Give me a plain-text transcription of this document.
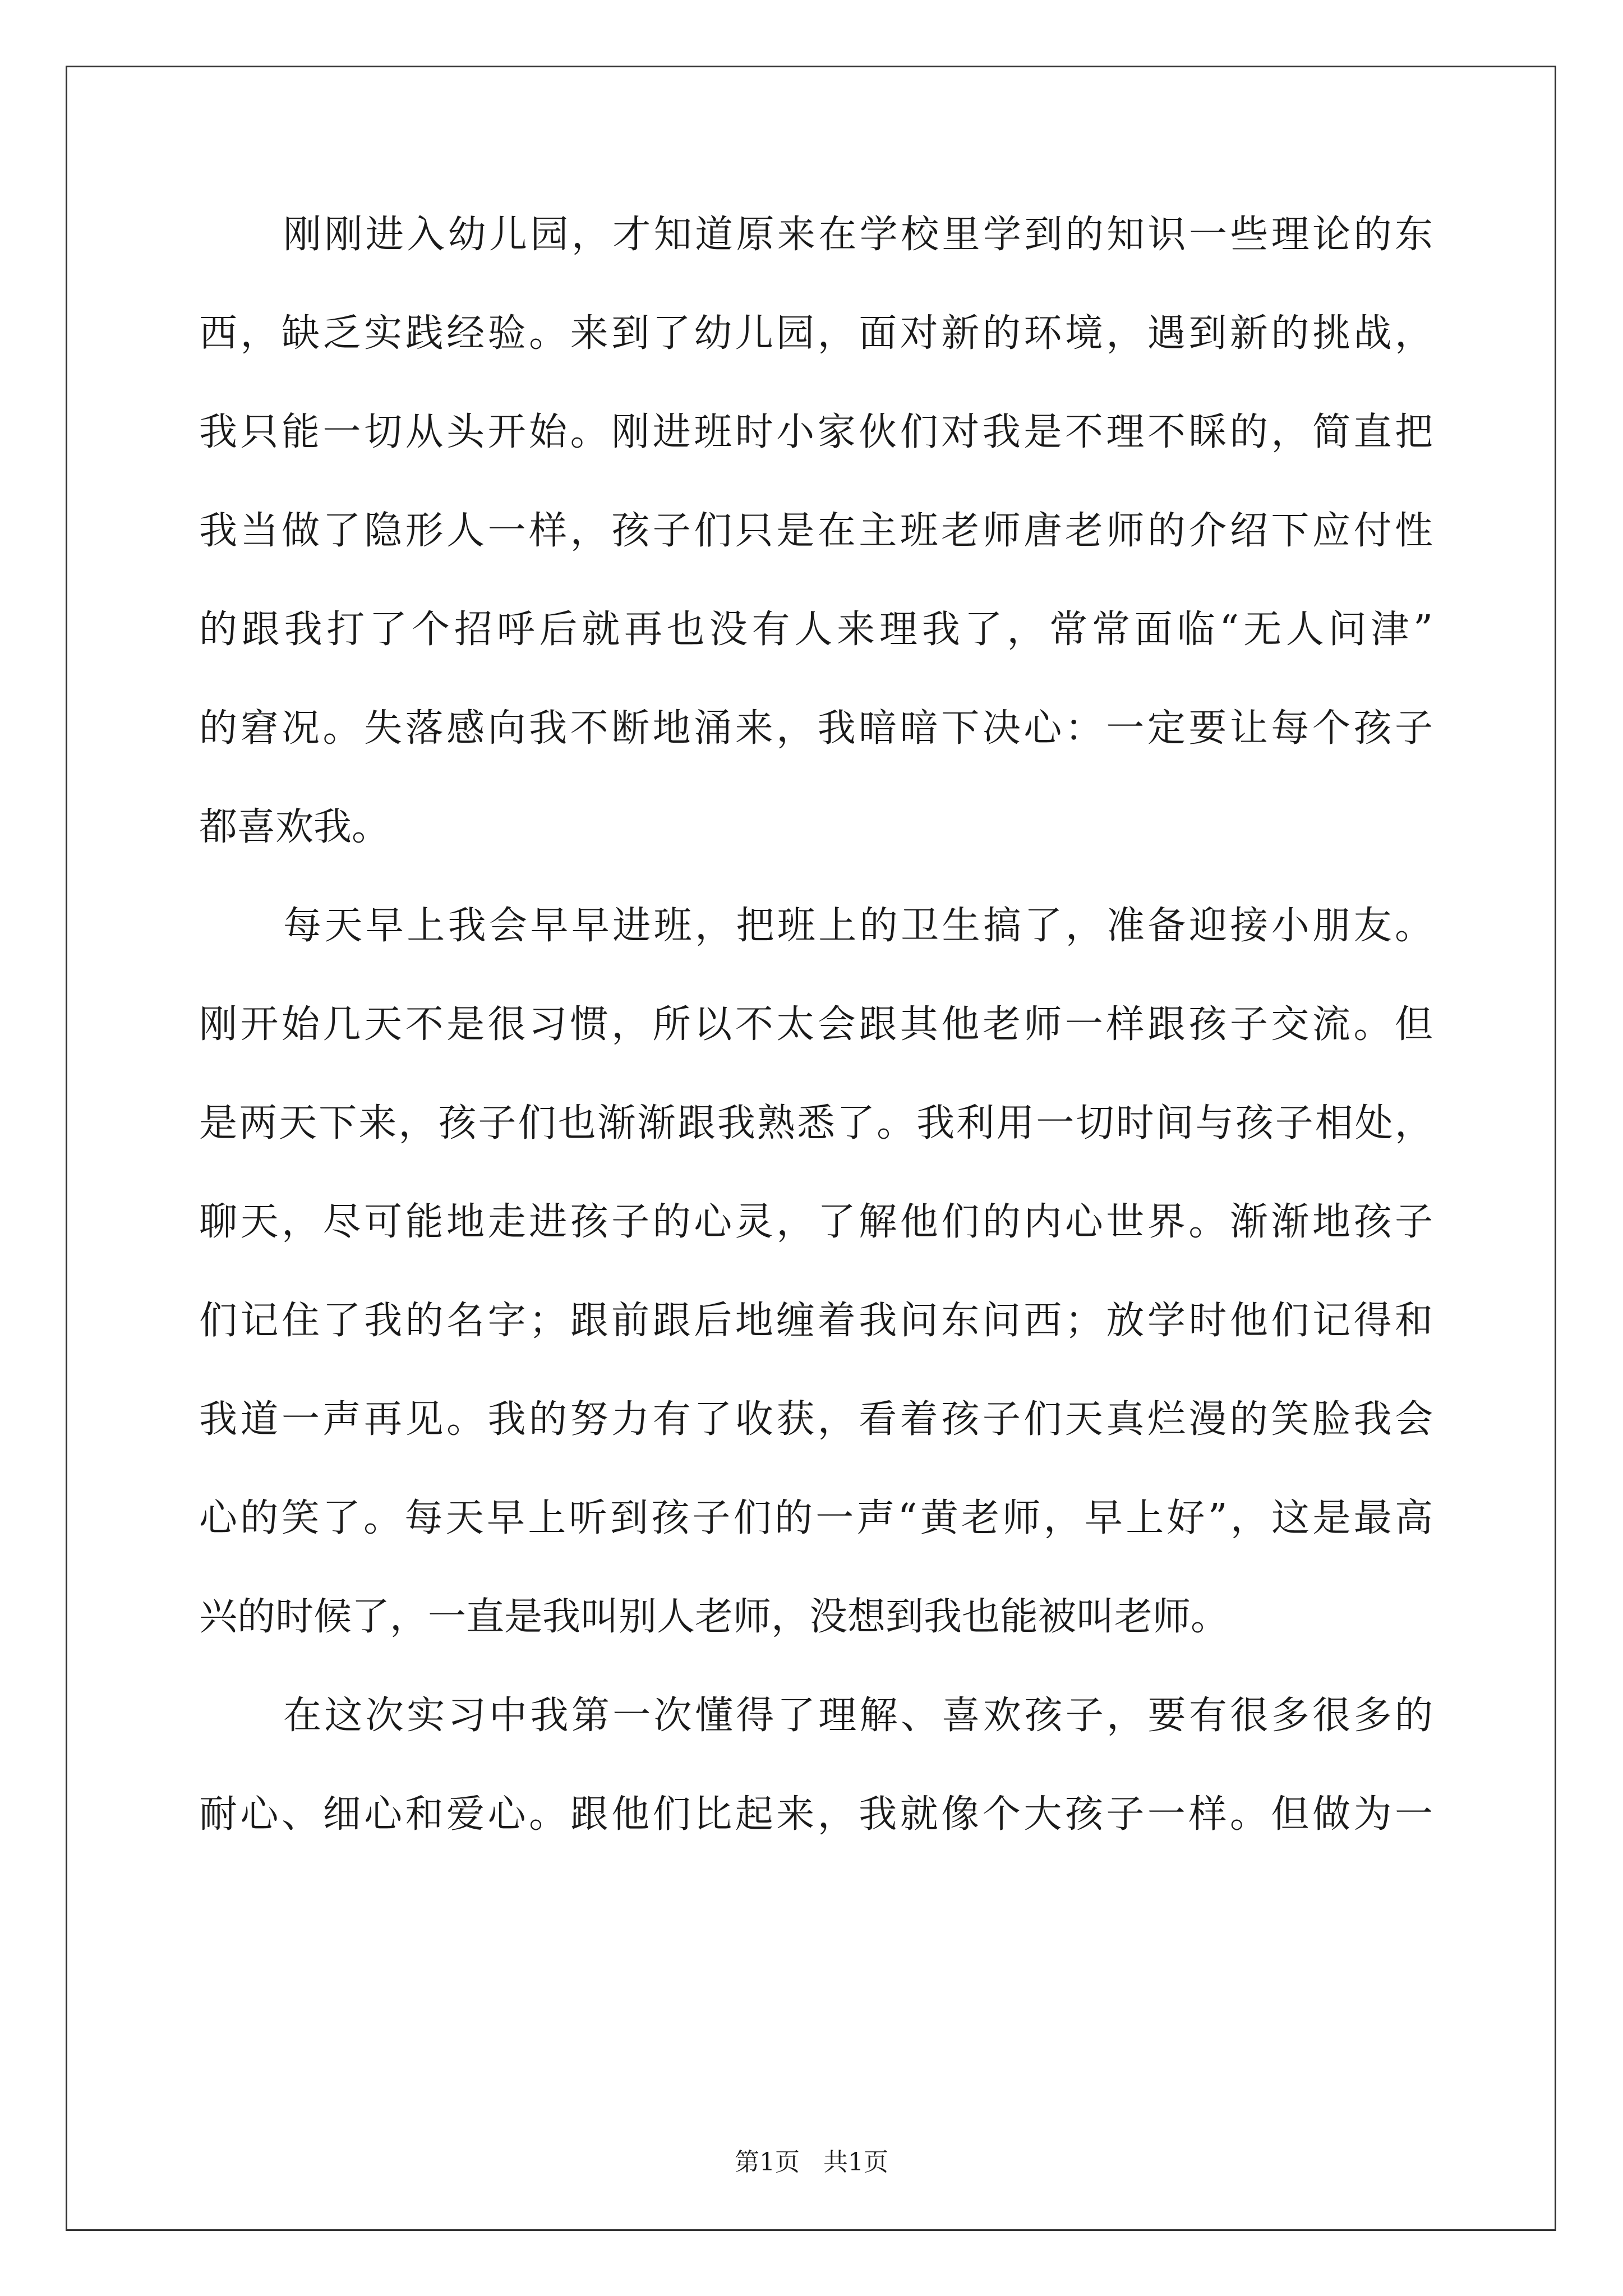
刚刚进入幼儿园，才知道原来在学校里学到的知识一些理论的东
西，缺乏实践经验。来到了幼儿园，面对新的环境，遇到新的挑战，
我只能一切从头开始。刚进班时小家伙们对我是不理不睬的，简直把
我当做了隐形人一样，孩子们只是在主班老师唐老师的介绍下应付性
的跟我打了个招呼后就再也没有人来理我了，常常面临“无人问津”
的窘况。失落感向我不断地涌来，我暗暗下决心：一定要让每个孩子
都喜欢我。
每天早上我会早早进班，把班上的卫生搞了，准备迎接小朋友。
刚开始几天不是很习惯，所以不太会跟其他老师一样跟孩子交流。但
是两天下来，孩子们也渐渐跟我熟悉了。我利用一切时间与孩子相处，
聊天，尽可能地走进孩子的心灵，了解他们的内心世界。渐渐地孩子
们记住了我的名字；跟前跟后地缠着我问东问西；放学时他们记得和
我道一声再见。我的努力有了收获，看着孩子们天真烂漫的笑脸我会
心的笑了。每天早上听到孩子们的一声“黄老师，早上好”，这是最高
兴的时候了，一直是我叫别人老师，没想到我也能被叫老师。
在这次实习中我第一次懂得了理解、喜欢孩子，要有很多很多的
耐心、细心和爱心。跟他们比起来，我就像个大孩子一样。但做为一
第1页   共1页
